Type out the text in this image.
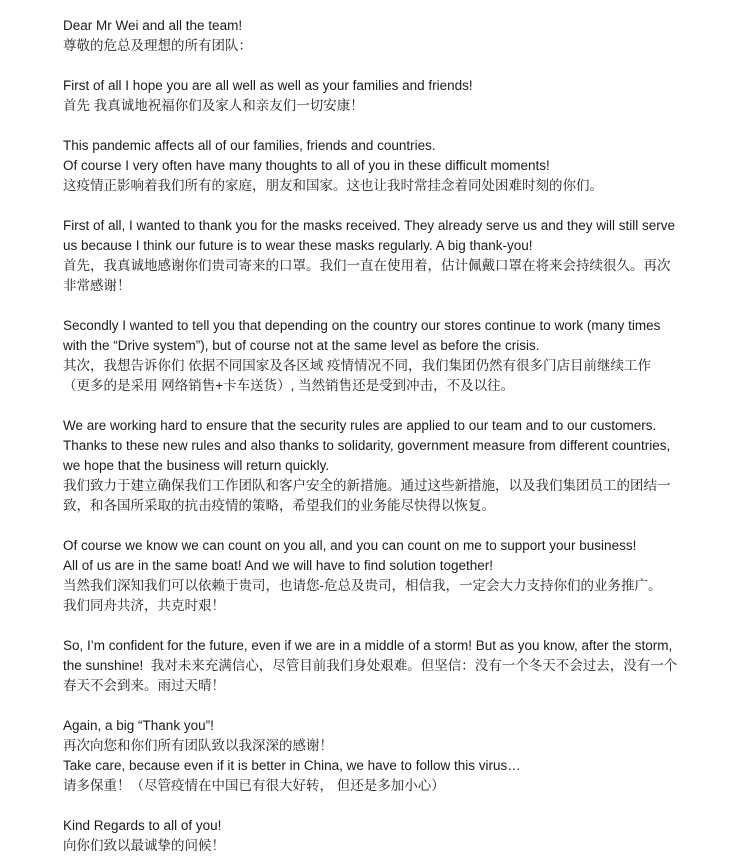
Dear Mr Wei and all the team!
尊敬的危总及理想的所有团队：
First of all I hope you are all well as well as your families and friends!
首先 我真诚地祝福你们及家人和亲友们一切安康！
This pandemic affects all of our families, friends and countries.
Of course I very often have many thoughts to all of you in these difficult moments!
这疫情正影响着我们所有的家庭，朋友和国家。这也让我时常挂念着同处困难时刻的你们。
First of all, I wanted to thank you for the masks received. They already serve us and they will still serve
us because I think our future is to wear these masks regularly. A big thank-you!
首先，我真诚地感谢你们贵司寄来的口罩。我们一直在使用着，估计佩戴口罩在将来会持续很久。再次
非常感谢！
Secondly I wanted to tell you that depending on the country our stores continue to work (many times
with the “Drive system”), but of course not at the same level as before the crisis.
其次，我想告诉你们 依据不同国家及各区域 疫情情况不同，我们集团仍然有很多门店目前继续工作
（更多的是采用 网络销售+卡车送货）, 当然销售还是受到冲击，不及以往。
We are working hard to ensure that the security rules are applied to our team and to our customers.
Thanks to these new rules and also thanks to solidarity, government measure from different countries,
we hope that the business will return quickly.
我们致力于建立确保我们工作团队和客户安全的新措施。通过这些新措施，以及我们集团员工的团结一
致，和各国所采取的抗击疫情的策略，希望我们的业务能尽快得以恢复。
Of course we know we can count on you all, and you can count on me to support your business!
All of us are in the same boat! And we will have to find solution together!
当然我们深知我们可以依赖于贵司，也请您-危总及贵司，相信我，一定会大力支持你们的业务推广。
我们同舟共济，共克时艰！
So, I’m confident for the future, even if we are in a middle of a storm! But as you know, after the storm,
the sunshine!  我对未来充满信心，尽管目前我们身处艰难。但坚信：没有一个冬天不会过去，没有一个
春天不会到来。雨过天晴！
Again, a big “Thank you”!
再次向您和你们所有团队致以我深深的感谢！
Take care, because even if it is better in China, we have to follow this virus…
请多保重！（尽管疫情在中国已有很大好转， 但还是多加小心）
Kind Regards to all of you!
向你们致以最诚挚的问候！
